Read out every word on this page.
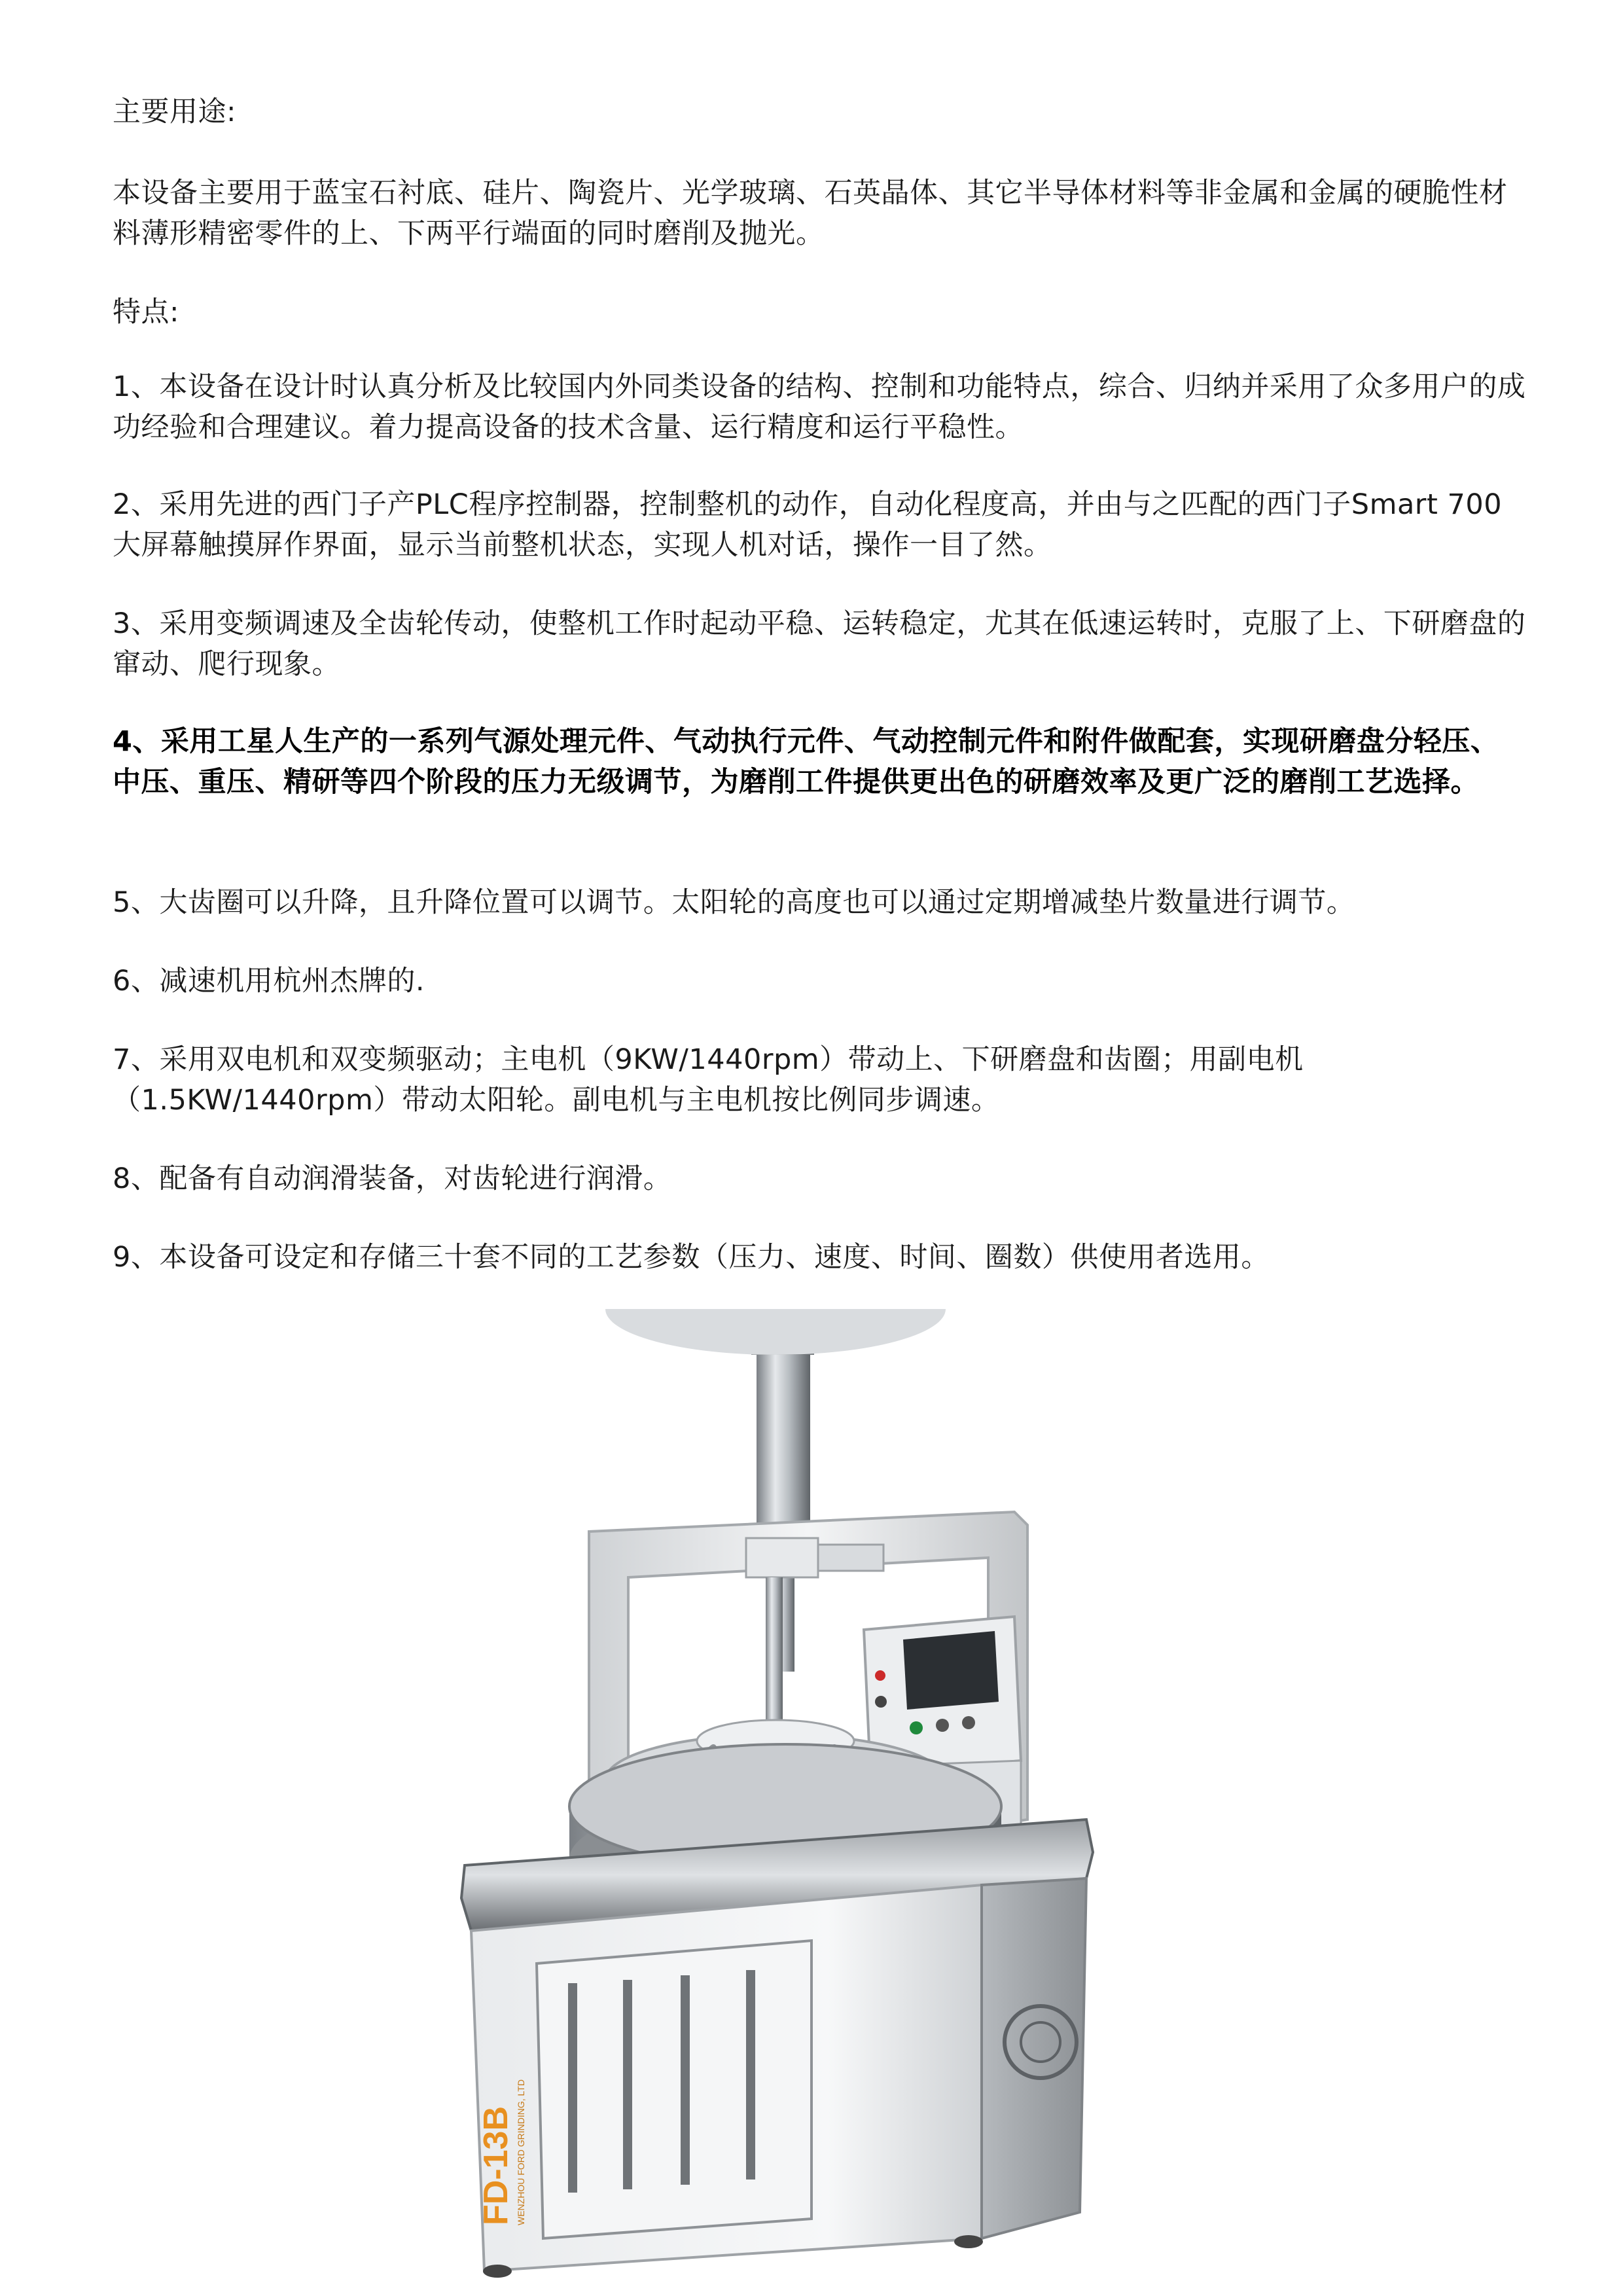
主要用途:

本设备主要用于蓝宝石衬底、硅片、陶瓷片、光学玻璃、石英晶体、其它半导体材料等非金属和金属的硬脆性材料薄形精密零件的上、下两平行端面的同时磨削及抛光。

特点:

1、本设备在设计时认真分析及比较国内外同类设备的结构、控制和功能特点，综合、归纳并采用了众多用户的成功经验和合理建议。着力提高设备的技术含量、运行精度和运行平稳性。

2、采用先进的西门子产PLC程序控制器，控制整机的动作，自动化程度高，并由与之匹配的西门子Smart 700大屏幕触摸屏作界面，显示当前整机状态，实现人机对话，操作一目了然。

3、采用变频调速及全齿轮传动，使整机工作时起动平稳、运转稳定，尤其在低速运转时，克服了上、下研磨盘的窜动、爬行现象。

4、采用工星人生产的一系列气源处理元件、气动执行元件、气动控制元件和附件做配套，实现研磨盘分轻压、中压、重压、精研等四个阶段的压力无级调节，为磨削工件提供更出色的研磨效率及更广泛的磨削工艺选择。

5、大齿圈可以升降，且升降位置可以调节。太阳轮的高度也可以通过定期增减垫片数量进行调节。

6、减速机用杭州杰牌的.

7、采用双电机和双变频驱动；主电机（9KW/1440rpm）带动上、下研磨盘和齿圈；用副电机（1.5KW/1440rpm）带动太阳轮。副电机与主电机按比例同步调速。

8、配备有自动润滑装备，对齿轮进行润滑。

9、本设备可设定和存储三十套不同的工艺参数（压力、速度、时间、圈数）供使用者选用。

FD-13B WENZHOU FORD GRINDING, LTD
